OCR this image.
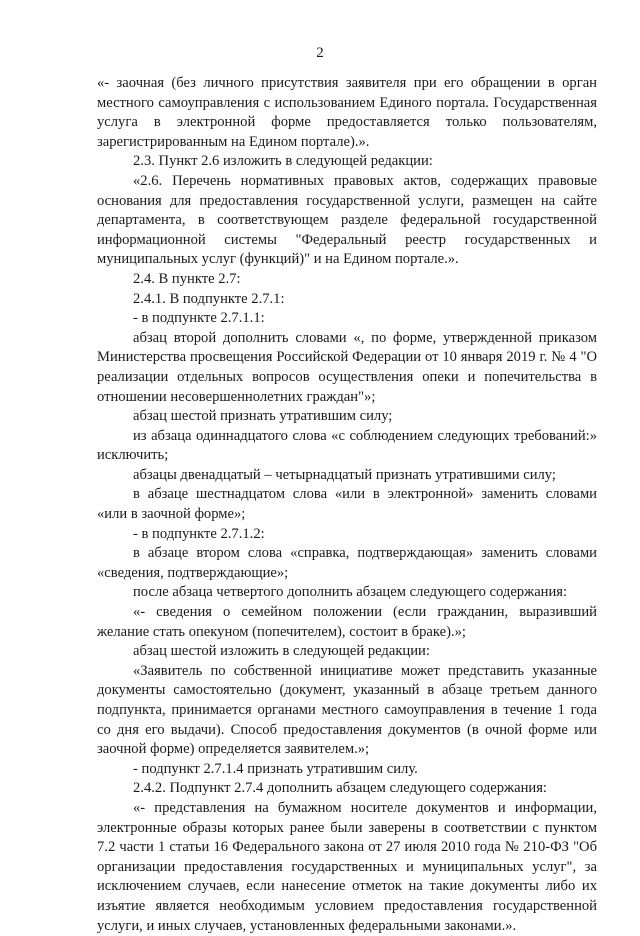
2

«- заочная (без личного присутствия заявителя при его обращении в орган местного самоуправления с использованием Единого портала. Государственная услуга в электронной форме предоставляется только пользователям, зарегистрированным на Едином портале).».

2.3. Пункт 2.6 изложить в следующей редакции:

«2.6. Перечень нормативных правовых актов, содержащих правовые основания для предоставления государственной услуги, размещен на сайте департамента, в соответствующем разделе федеральной государственной информационной системы "Федеральный реестр государственных и муниципальных услуг (функций)" и на Едином портале.».

2.4. В пункте 2.7:

2.4.1. В подпункте 2.7.1:

- в подпункте 2.7.1.1:

абзац второй дополнить словами «, по форме, утвержденной приказом Министерства просвещения Российской Федерации от 10 января 2019 г. № 4 "О реализации отдельных вопросов осуществления опеки и попечительства в отношении несовершеннолетних граждан"»;

абзац шестой признать утратившим силу;

из абзаца одиннадцатого слова «с соблюдением следующих требований:» исключить;

абзацы двенадцатый – четырнадцатый признать утратившими силу;

в абзаце шестнадцатом слова «или в электронной» заменить словами «или в заочной форме»;

- в подпункте 2.7.1.2:

в абзаце втором слова «справка, подтверждающая» заменить словами «сведения, подтверждающие»;

после абзаца четвертого дополнить абзацем следующего содержания:

«- сведения о семейном положении (если гражданин, выразивший желание стать опекуном (попечителем), состоит в браке).»;

абзац шестой изложить в следующей редакции:

«Заявитель по собственной инициативе может представить указанные документы самостоятельно (документ, указанный в абзаце третьем данного подпункта, принимается органами местного самоуправления в течение 1 года со дня его выдачи). Способ предоставления документов (в очной форме или заочной форме) определяется заявителем.»;

- подпункт 2.7.1.4 признать утратившим силу.

2.4.2. Подпункт 2.7.4 дополнить абзацем следующего содержания:

«- представления на бумажном носителе документов и информации, электронные образы которых ранее были заверены в соответствии с пунктом 7.2 части 1 статьи 16 Федерального закона от 27 июля 2010 года № 210-ФЗ "Об организации предоставления государственных и муниципальных услуг", за исключением случаев, если нанесение отметок на такие документы либо их изъятие является необходимым условием предоставления государственной услуги, и иных случаев, установленных федеральными законами.».
